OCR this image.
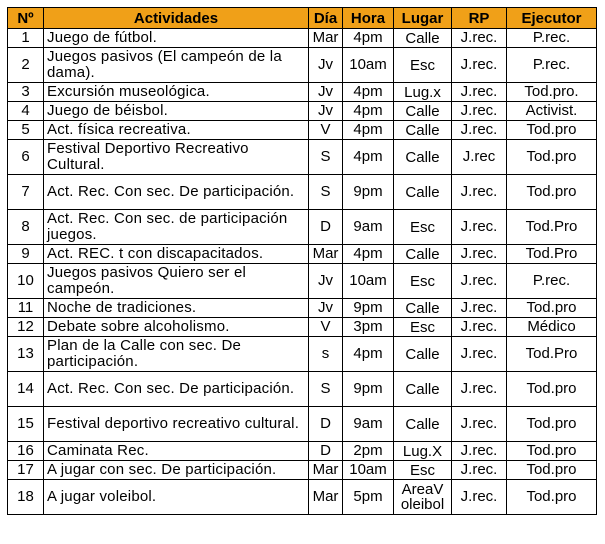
Nº	Actividades	Día	Hora	Lugar	RP	Ejecutor
1	Juego de fútbol.	Mar	4pm	Calle	J.rec.	P.rec.
2	Juegos pasivos (El campeón de la dama).	Jv	10am	Esc	J.rec.	P.rec.
3	Excursión museológica.	Jv	4pm	Lug.x	J.rec.	Tod.pro.
4	Juego de béisbol.	Jv	4pm	Calle	J.rec.	Activist.
5	Act. física recreativa.	V	4pm	Calle	J.rec.	Tod.pro
6	Festival Deportivo Recreativo Cultural.	S	4pm	Calle	J.rec	Tod.pro
7	Act. Rec. Con sec. De participación.	S	9pm	Calle	J.rec.	Tod.pro
8	Act. Rec. Con sec. de participación juegos.	D	9am	Esc	J.rec.	Tod.Pro
9	Act. REC. t con discapacitados.	Mar	4pm	Calle	J.rec.	Tod.Pro
10	Juegos pasivos Quiero ser el campeón.	Jv	10am	Esc	J.rec.	P.rec.
11	Noche de tradiciones.	Jv	9pm	Calle	J.rec.	Tod.pro
12	Debate sobre alcoholismo.	V	3pm	Esc	J.rec.	Médico
13	Plan de la Calle con sec. De participación.	s	4pm	Calle	J.rec.	Tod.Pro
14	Act. Rec. Con sec. De participación.	S	9pm	Calle	J.rec.	Tod.pro
15	Festival deportivo recreativo cultural.	D	9am	Calle	J.rec.	Tod.pro
16	Caminata Rec.	D	2pm	Lug.X	J.rec.	Tod.pro
17	A jugar con sec. De participación.	Mar	10am	Esc	J.rec.	Tod.pro
18	A jugar voleibol.	Mar	5pm	AreaV oleibol	J.rec.	Tod.pro
